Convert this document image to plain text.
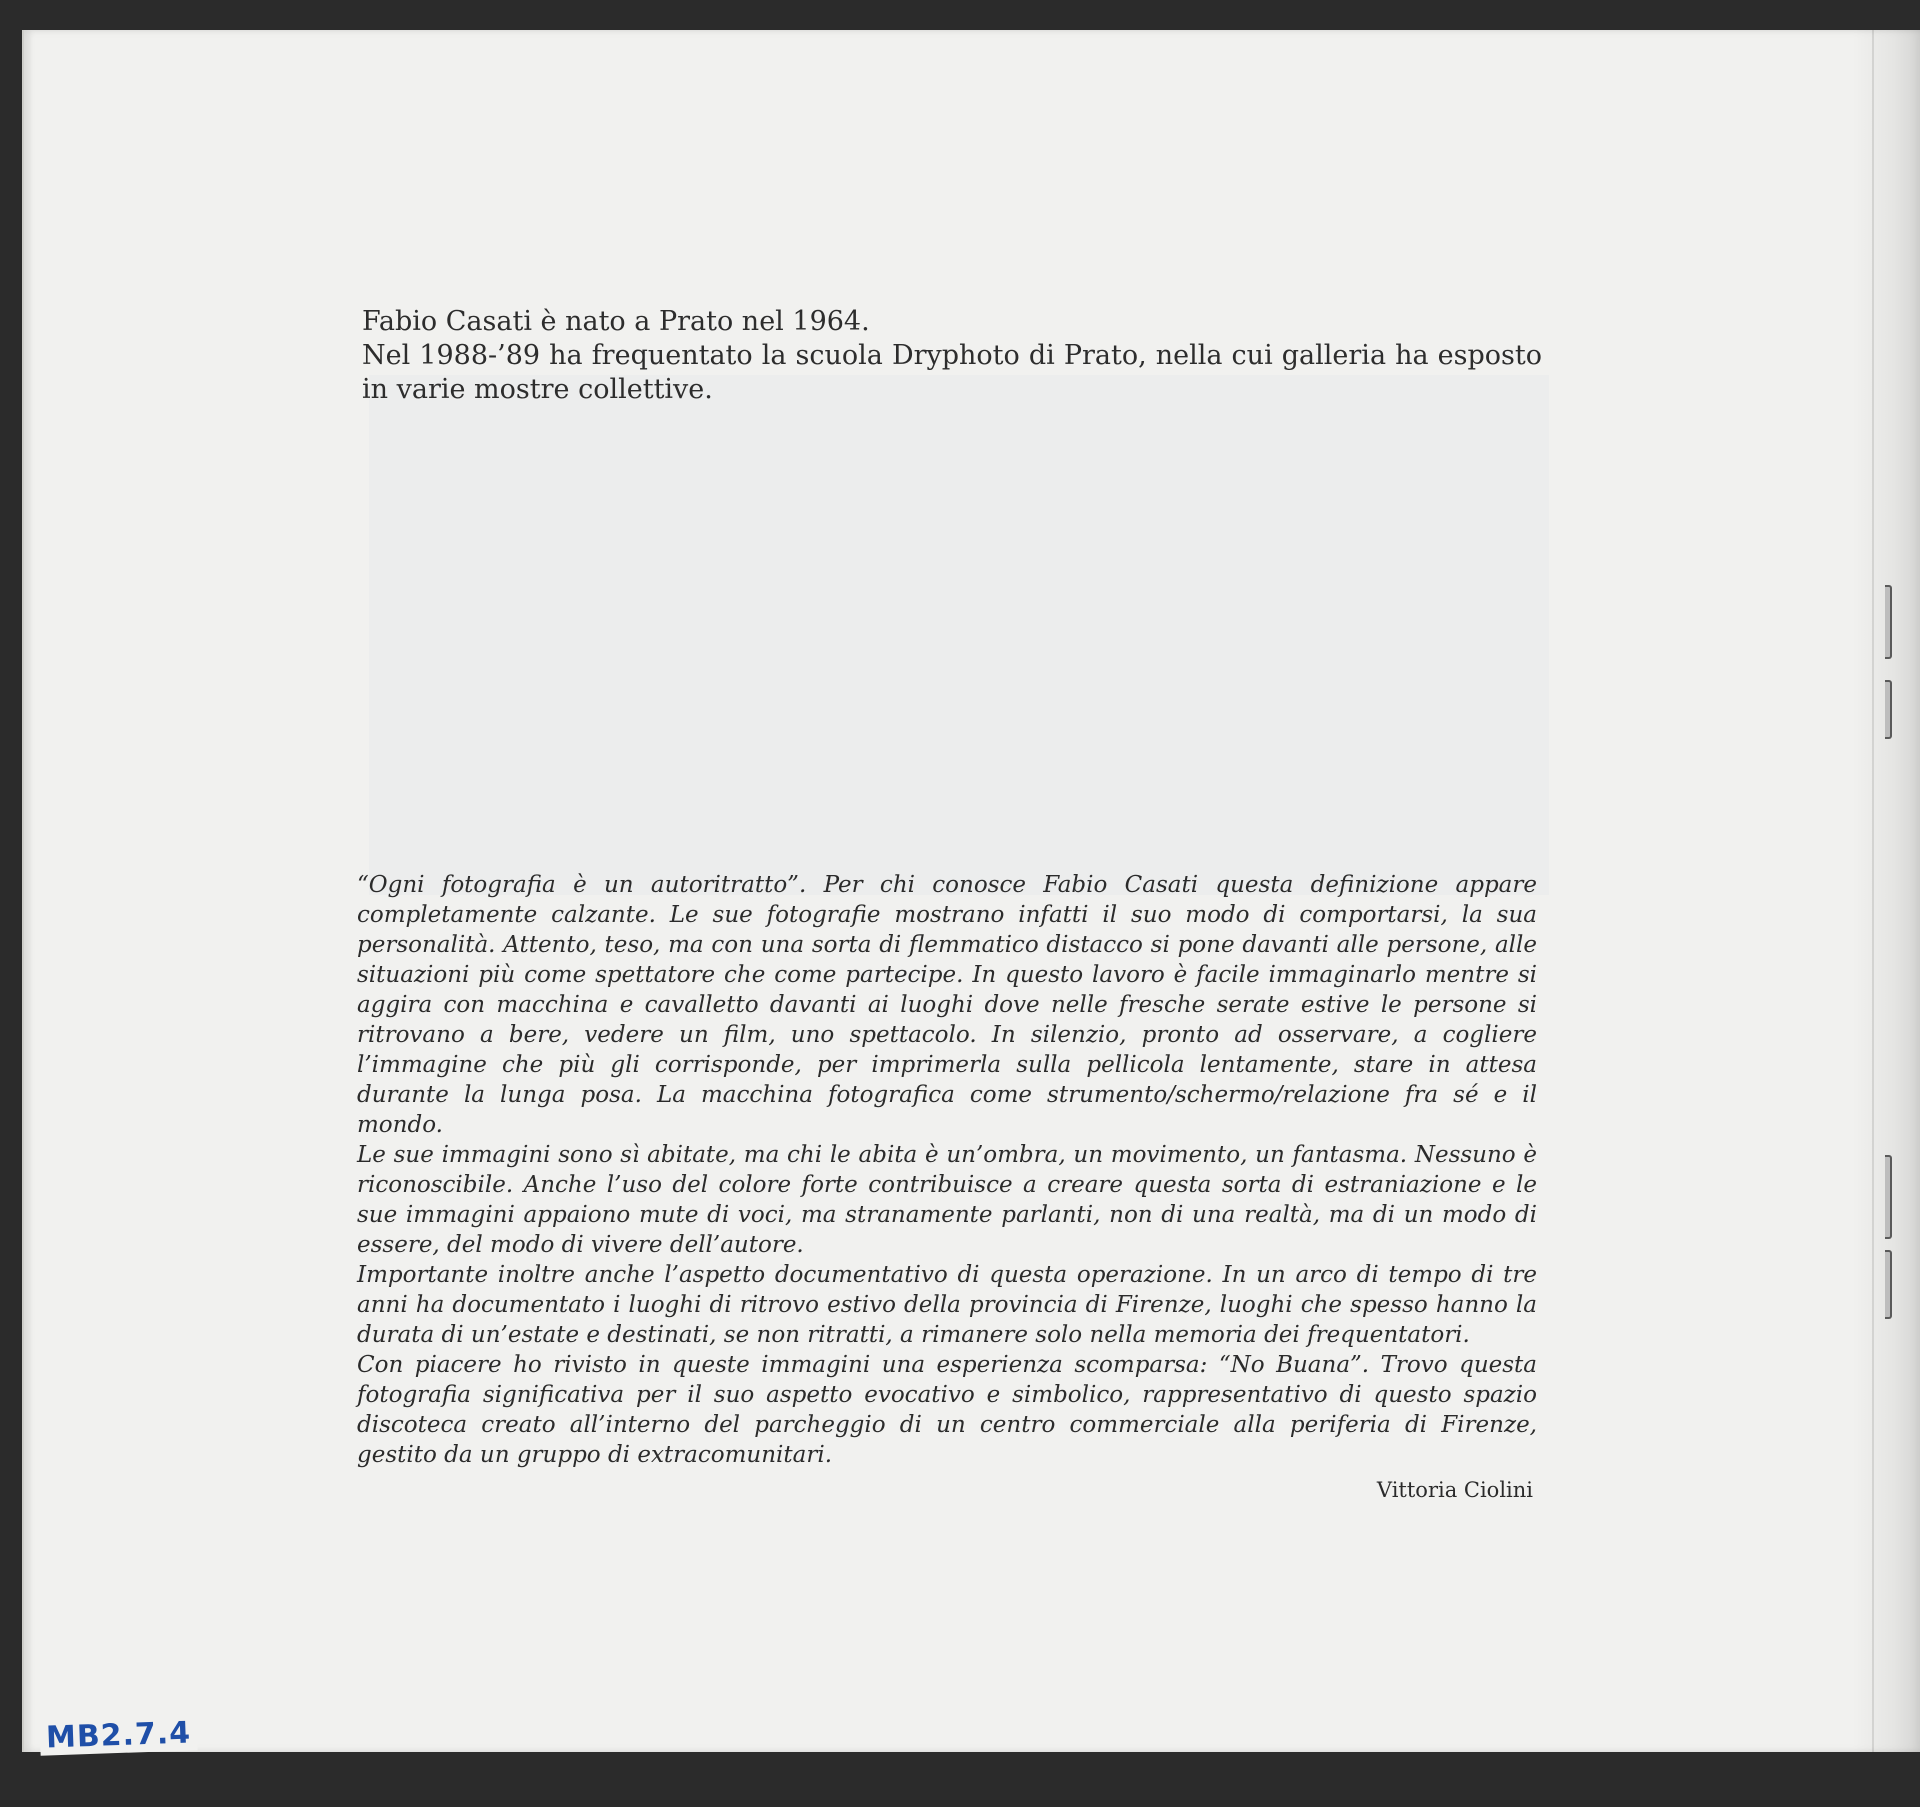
Fabio Casati è nato a Prato nel 1964.

Nel 1988-’89 ha frequentato la scuola Dryphoto di Prato, nella cui galleria ha esposto in varie mostre collettive.

“Ogni fotografia è un autoritratto”. Per chi conosce Fabio Casati questa definizione appare completamente calzante. Le sue fotografie mostrano infatti il suo modo di comportarsi, la sua personalità. Attento, teso, ma con una sorta di flemmatico distacco si pone davanti alle persone, alle situazioni più come spettatore che come partecipe. In questo lavoro è facile immaginarlo mentre si aggira con macchina e cavalletto davanti ai luoghi dove nelle fresche serate estive le persone si ritrovano a bere, vedere un film, uno spettacolo. In silenzio, pronto ad osservare, a cogliere l’immagine che più gli corrisponde, per imprimerla sulla pellicola lentamente, stare in attesa durante la lunga posa. La macchina fotografica come strumento/schermo/relazione fra sé e il mondo.

Le sue immagini sono sì abitate, ma chi le abita è un’ombra, un movimento, un fantasma. Nessuno è riconoscibile. Anche l’uso del colore forte contribuisce a creare questa sorta di estraniazione e le sue immagini appaiono mute di voci, ma stranamente parlanti, non di una realtà, ma di un modo di essere, del modo di vivere dell’autore.

Importante inoltre anche l’aspetto documentativo di questa operazione. In un arco di tempo di tre anni ha documentato i luoghi di ritrovo estivo della provincia di Firenze, luoghi che spesso hanno la durata di un’estate e destinati, se non ritratti, a rimanere solo nella memoria dei frequentatori.

Con piacere ho rivisto in queste immagini una esperienza scomparsa: “No Buana”. Trovo questa fotografia significativa per il suo aspetto evocativo e simbolico, rappresentativo di questo spazio discoteca creato all’interno del parcheggio di un centro commerciale alla periferia di Firenze, gestito da un gruppo di extracomunitari.

Vittoria Ciolini
MB2.7.4
